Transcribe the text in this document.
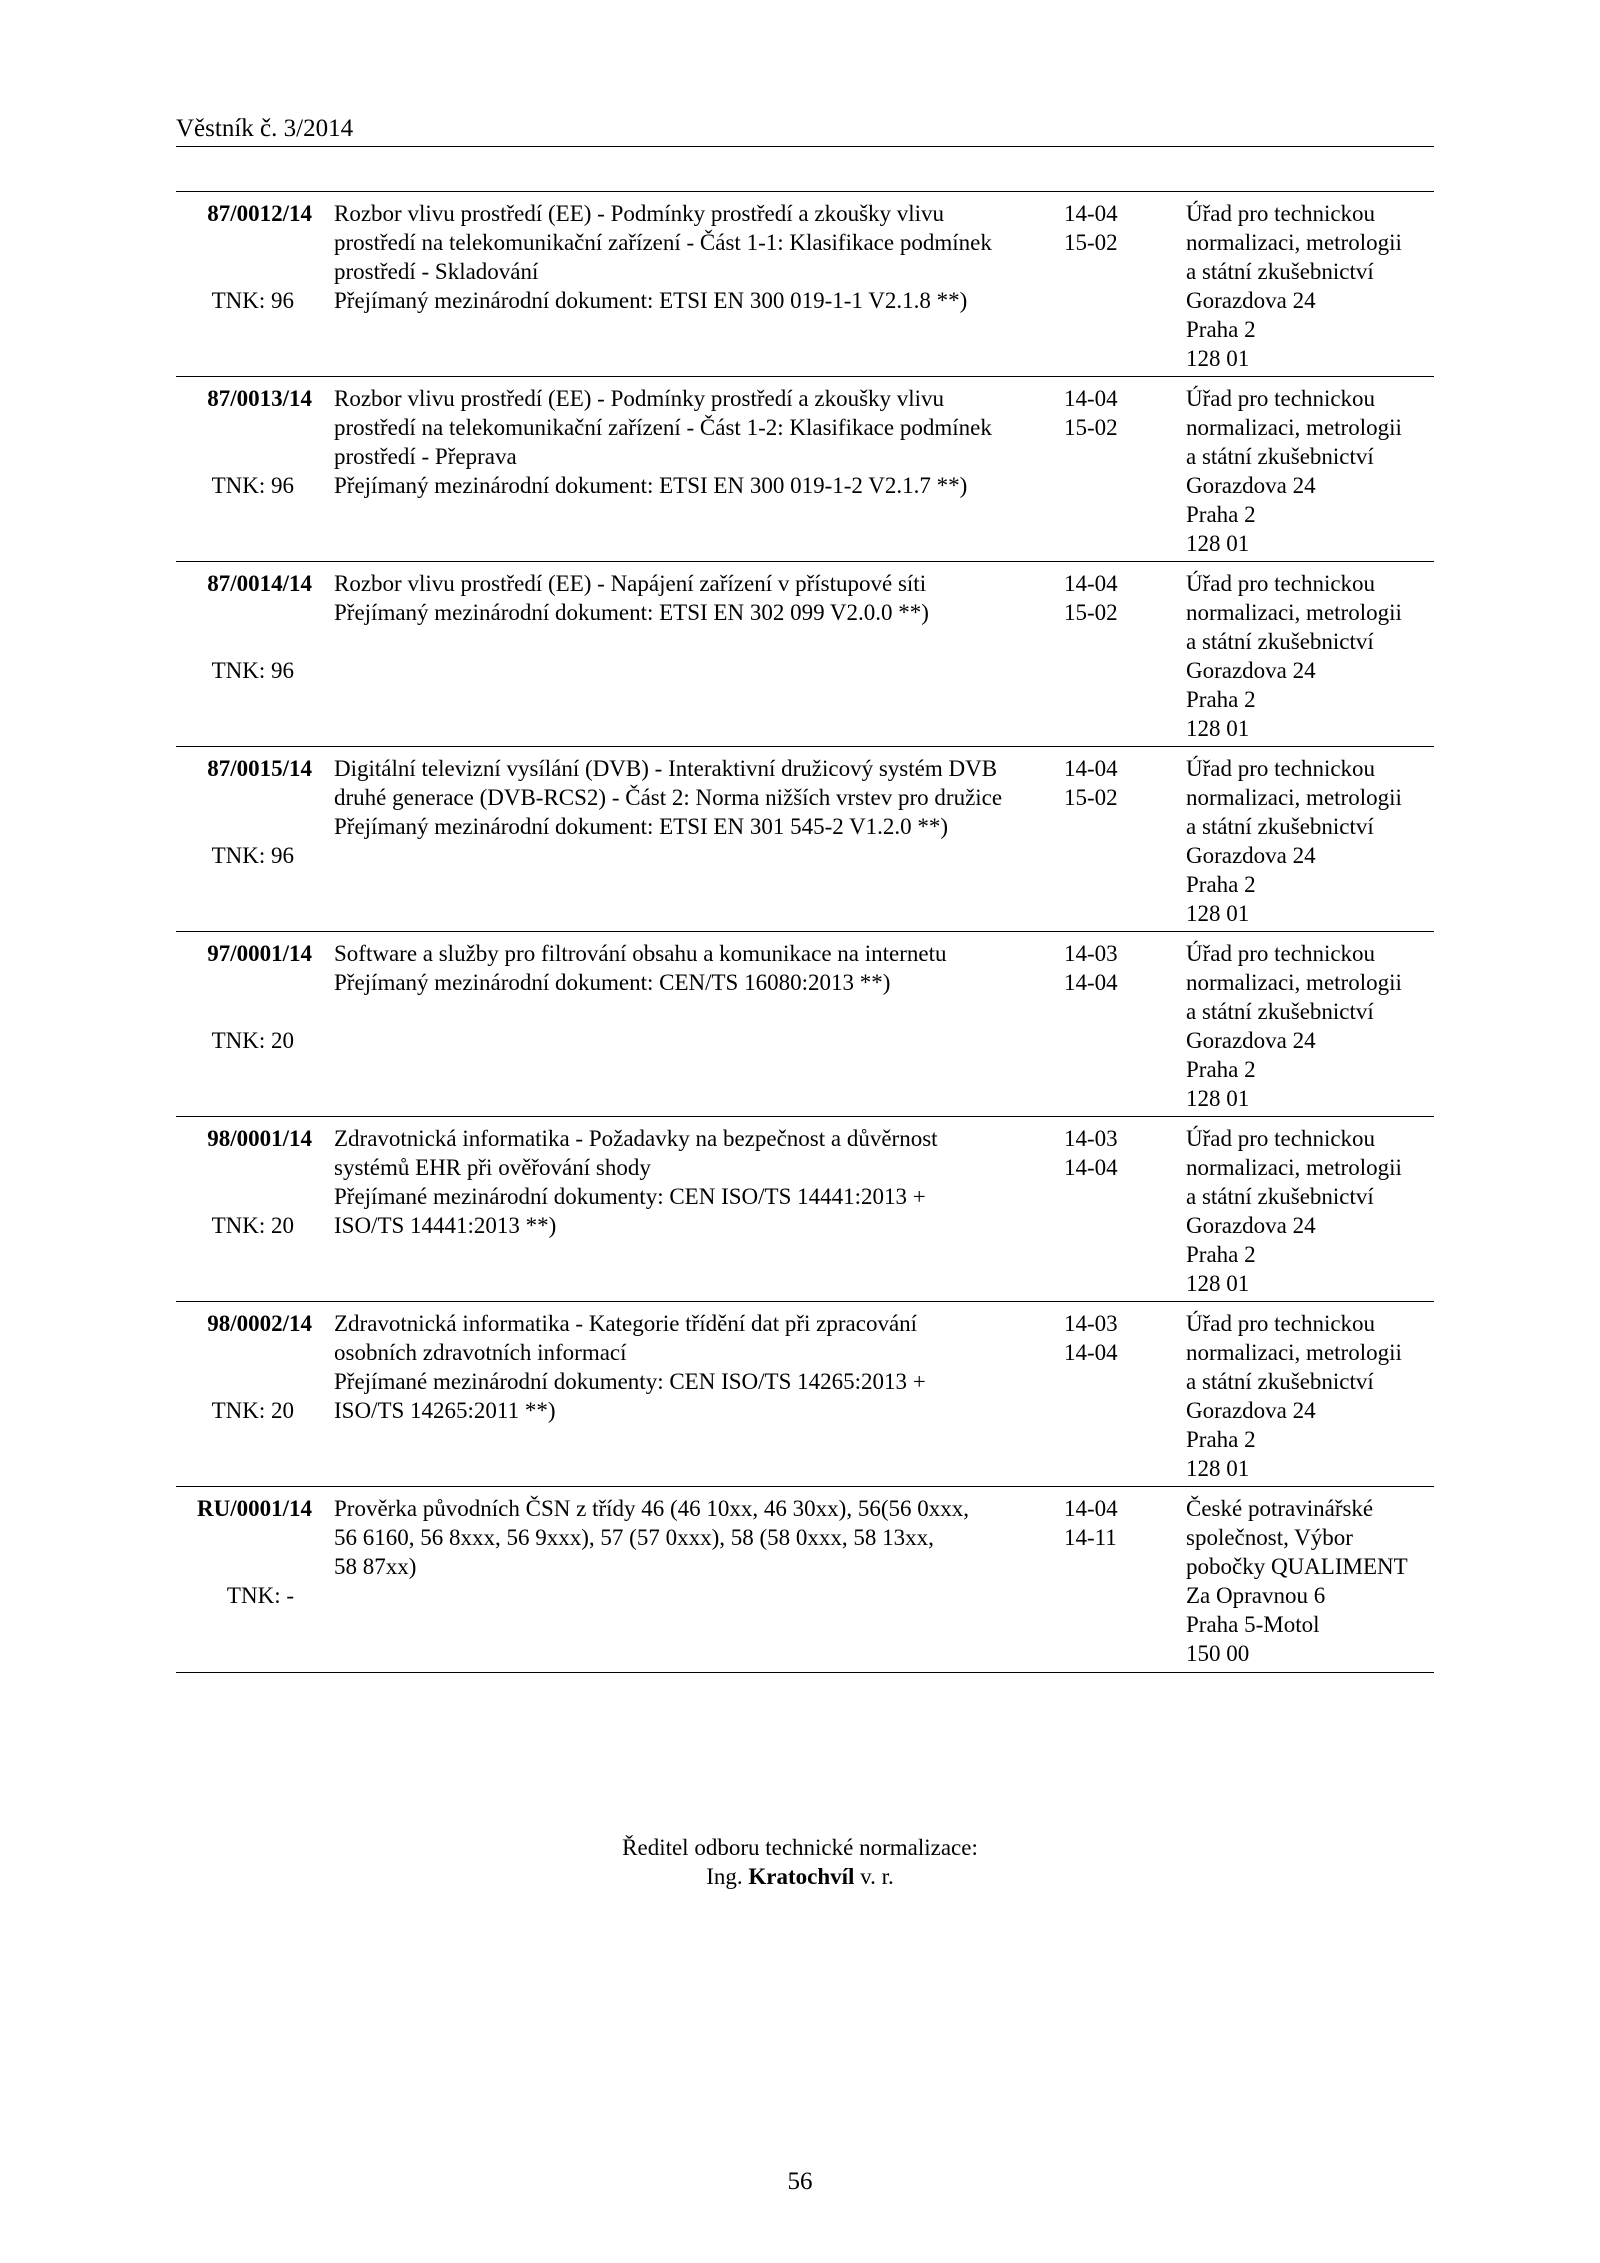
Věstník č. 3/2014
87/0012/14
TNK: 96
Rozbor vlivu prostředí (EE) - Podmínky prostředí a zkoušky vlivu
prostředí na telekomunikační zařízení - Část 1-1: Klasifikace podmínek
prostředí - Skladování
Přejímaný mezinárodní dokument: ETSI EN 300 019-1-1 V2.1.8 **)
14-04
15-02
Úřad pro technickou
normalizaci, metrologii
a státní zkušebnictví
Gorazdova 24
Praha 2
128 01
87/0013/14
TNK: 96
Rozbor vlivu prostředí (EE) - Podmínky prostředí a zkoušky vlivu
prostředí na telekomunikační zařízení - Část 1-2: Klasifikace podmínek
prostředí - Přeprava
Přejímaný mezinárodní dokument: ETSI EN 300 019-1-2 V2.1.7 **)
14-04
15-02
Úřad pro technickou
normalizaci, metrologii
a státní zkušebnictví
Gorazdova 24
Praha 2
128 01
87/0014/14
TNK: 96
Rozbor vlivu prostředí (EE) - Napájení zařízení v přístupové síti
Přejímaný mezinárodní dokument: ETSI EN 302 099 V2.0.0 **)
14-04
15-02
Úřad pro technickou
normalizaci, metrologii
a státní zkušebnictví
Gorazdova 24
Praha 2
128 01
87/0015/14
TNK: 96
Digitální televizní vysílání (DVB) - Interaktivní družicový systém DVB
druhé generace (DVB-RCS2) - Část 2: Norma nižších vrstev pro družice
Přejímaný mezinárodní dokument: ETSI EN 301 545-2 V1.2.0 **)
14-04
15-02
Úřad pro technickou
normalizaci, metrologii
a státní zkušebnictví
Gorazdova 24
Praha 2
128 01
97/0001/14
TNK: 20
Software a služby pro filtrování obsahu a komunikace na internetu
Přejímaný mezinárodní dokument: CEN/TS 16080:2013 **)
14-03
14-04
Úřad pro technickou
normalizaci, metrologii
a státní zkušebnictví
Gorazdova 24
Praha 2
128 01
98/0001/14
TNK: 20
Zdravotnická informatika - Požadavky na bezpečnost a důvěrnost
systémů EHR při ověřování shody
Přejímané mezinárodní dokumenty: CEN ISO/TS 14441:2013 +
ISO/TS 14441:2013 **)
14-03
14-04
Úřad pro technickou
normalizaci, metrologii
a státní zkušebnictví
Gorazdova 24
Praha 2
128 01
98/0002/14
TNK: 20
Zdravotnická informatika - Kategorie třídění dat při zpracování
osobních zdravotních informací
Přejímané mezinárodní dokumenty: CEN ISO/TS 14265:2013 +
ISO/TS 14265:2011 **)
14-03
14-04
Úřad pro technickou
normalizaci, metrologii
a státní zkušebnictví
Gorazdova 24
Praha 2
128 01
RU/0001/14
TNK: -
Prověrka původních ČSN z třídy 46 (46 10xx, 46 30xx), 56(56 0xxx,
56 6160, 56 8xxx, 56 9xxx), 57 (57 0xxx), 58 (58 0xxx, 58 13xx,
58 87xx)
14-04
14-11
České potravinářské
společnost, Výbor
pobočky QUALIMENT
Za Opravnou 6
Praha 5-Motol
150 00
Ředitel odboru technické normalizace:
Ing. Kratochvíl v. r.
56
